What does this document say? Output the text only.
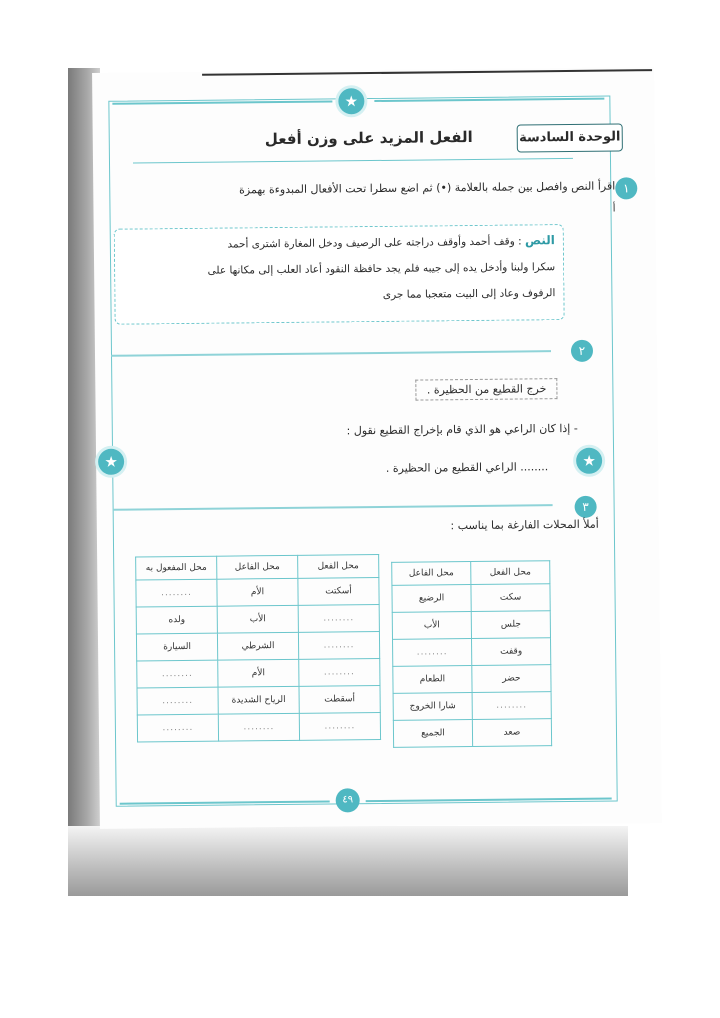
★
الوحدة السادسة
الفعل المزيد على وزن أفعل
١
اقرأ النص وافصل بين جمله بالعلامة (•) ثم اضع سطرا تحت الأفعال المبدوءة بهمزة
أ
النص : وقف أحمد وأوقف دراجته على الرصيف ودخل المغارة اشترى أحمد
سكرا ولبنا وأدخل يده إلى جيبه فلم يجد حافظة النقود أعاد العلب إلى مكانها على
الرفوف وعاد إلى البيت متعجبا مما جرى
٢
خرج القطيع من الحظيرة .
- إذا كان الراعي هو الذي قام بإخراج القطيع نقول :
........ الراعي القطيع من الحظيرة .
★	★
٣
أملأ المحلات الفارغة بما يناسب :
محل الفعل	محل الفاعل
سكت	الرضيع
جلس	الأب
وقفت	........
حضر	الطعام
........	شارا الخروج
صعد	الجميع
محل الفعل	محل الفاعل	محل المفعول به
أسكتت	الأم	........
........	الأب	ولده
........	الشرطي	السيارة
........	الأم	........
أسقطت	الرياح الشديدة	........
........	........	........
٤٩
